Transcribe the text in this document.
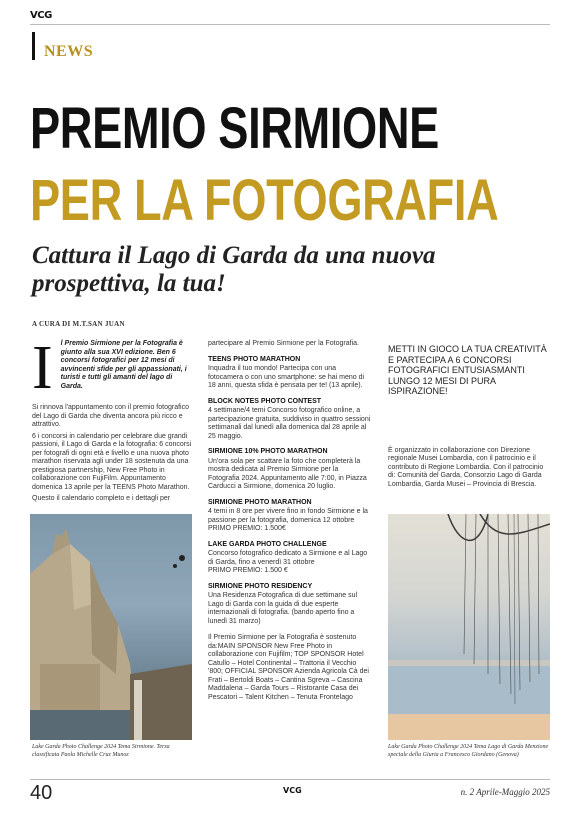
VCG
NEWS
PREMIO SIRMIONE
PER LA FOTOGRAFIA
Cattura il Lago di Garda da una nuova prospettiva, la tua!
A CURA DI M.T.SAN JUAN
I	l Premio Sirmione per la Fotografia è giunto alla sua XVI edizione. Ben 6 concorsi fotografici per 12 mesi di avvincenti sfide per gli appassionati, i turisti e tutti gli amanti del lago di Garda.

Si rinnova l'appuntamento con il premio fotografico del Lago di Garda che diventa ancora più ricco e attrattivo.

6 i concorsi in calendario per celebrare due grandi passioni, il Lago di Garda e la fotografia: 6 concorsi per fotografi di ogni età e livello e una nuova photo marathon riservata agli under 18 sostenuta da una prestigiosa partnership, New Free Photo in collaborazione con FujiFilm. Appuntamento domenica 13 aprile per la TEENS Photo Marathon.

Questo il calendario completo e i dettagli per

partecipare al Premio Sirmione per la Fotografia.

TEENS PHOTO MARATHON

Inquadra il tuo mondo! Partecipa con una fotocamera o con uno smartphone: se hai meno di 18 anni, questa sfida è pensata per te! (13 aprile).

BLOCK NOTES PHOTO CONTEST

4 settimane/4 temi Concorso fotografico online, a partecipazione gratuita, suddiviso in quattro sessioni settimanali dal lunedì alla domenica dal 28 aprile al 25 maggio.

SIRMIONE 10% PHOTO MARATHON

Un'ora sola per scattare la foto che completerà la mostra dedicata al Premio Sirmione per la Fotografia 2024. Appuntamento alle 7:00, in Piazza Carducci a Sirmione, domenica 20 luglio.

SIRMIONE PHOTO MARATHON

4 temi in 8 ore per vivere fino in fondo Sirmione e la passione per la fotografia, domenica 12 ottobre

PRIMO PREMIO: 1.500€

LAKE GARDA PHOTO CHALLENGE

Concorso fotografico dedicato a Sirmione e al Lago di Garda, fino a venerdì 31 ottobre

PRIMO PREMIO: 1.500 €

SIRMIONE PHOTO RESIDENCY

Una Residenza Fotografica di due settimane sul Lago di Garda con la guida di due esperte internazionali di fotografia. (bando aperto fino a lunedì 31 marzo)

Il Premio Sirmione per la Fotografia è sostenuto da:MAIN SPONSOR New Free Photo in collaborazione con Fujifilm; TOP SPONSOR Hotel Catullo – Hotel Continental – Trattoria il Vecchio '800; OFFICIAL SPONSOR Azienda Agricola Cà dei Frati – Bertoldi Boats – Cantina Sgreva – Cascina Maddalena – Garda Tours – Ristorante Casa dei Pescatori – Talent Kitchen – Tenuta Frontelago

METTI IN GIOCO LA TUA CREATIVITÀ E PARTECIPA A 6 CONCORSI FOTOGRAFICI ENTUSIASMANTI LUNGO 12 MESI DI PURA ISPIRAZIONE!

È organizzato in collaborazione con Direzione regionale Musei Lombardia, con il patrocinio e il contributo di Regione Lombardia. Con il patrocinio di: Comunità del Garda, Consorzio Lago di Garda Lombardia, Garda Musei – Provincia di Brescia.

Lake Garda Photo Challenge 2024 Tema Sirmione. Terza classificata Paola Michelle Cruz Munoz
Lake Garda Photo Challenge 2024 Tema Lago di Garda Menzione speciale della Giuria a Francesco Giordano (Genova)
40	VCG	n. 2 Aprile-Maggio 2025
